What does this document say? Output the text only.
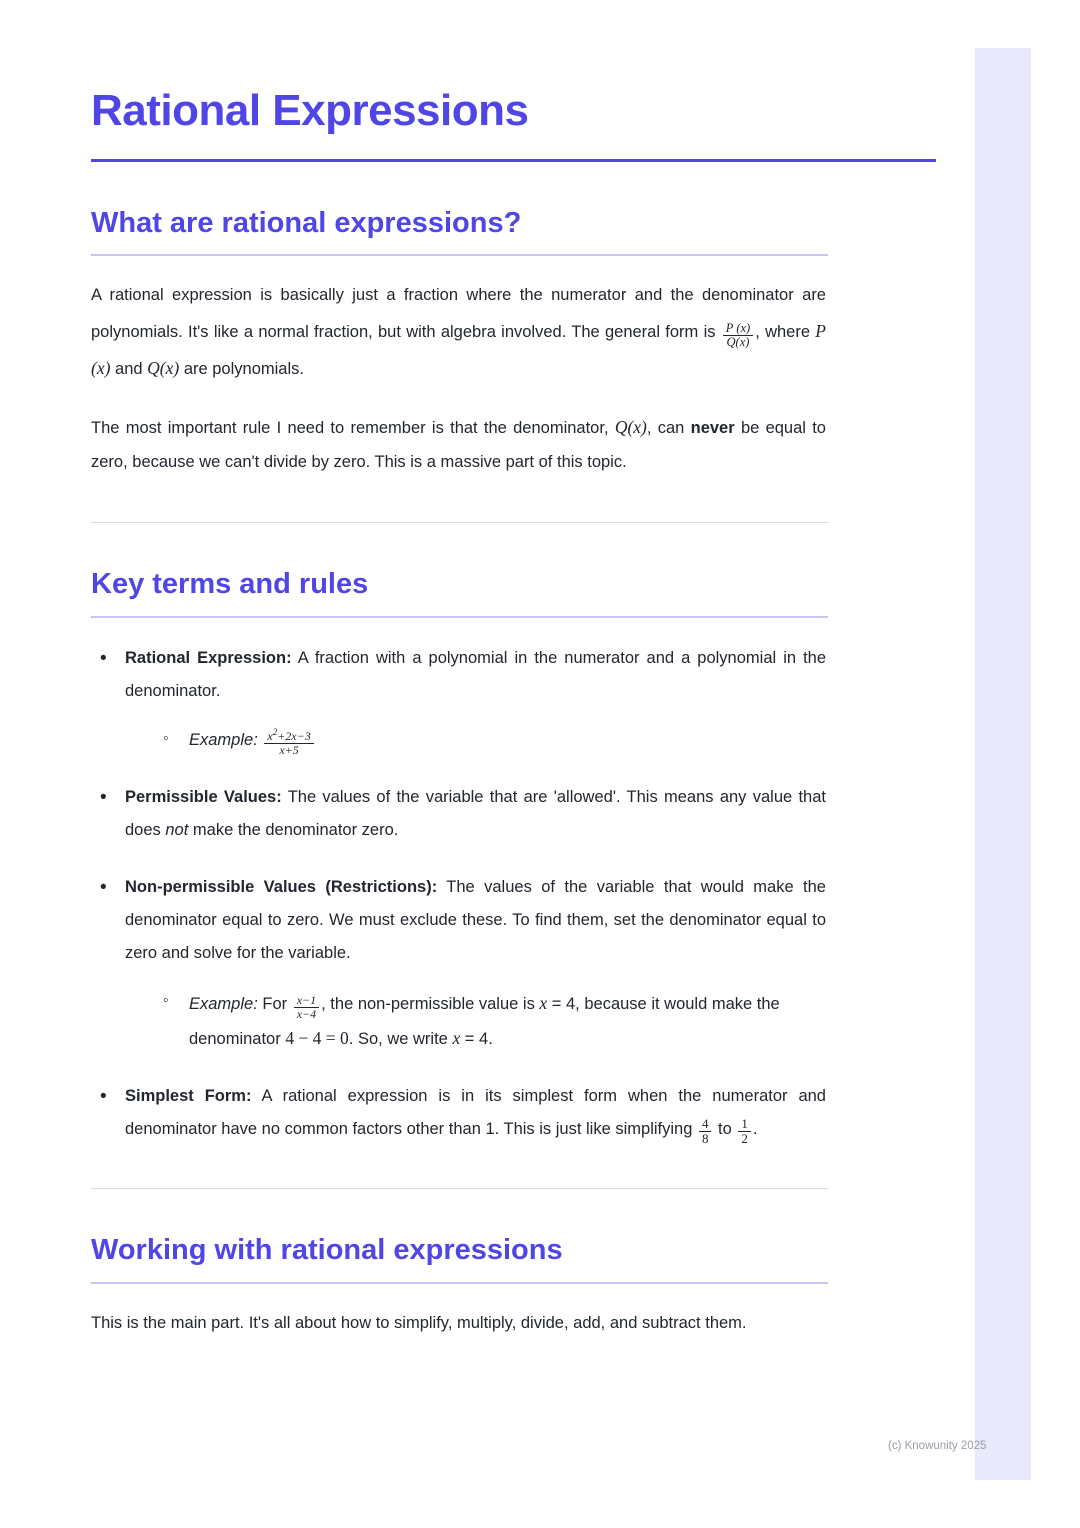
Rational Expressions
What are rational expressions?

A rational expression is basically just a fraction where the numerator and the denominator are polynomials. It's like a normal fraction, but with algebra involved. The general form is $\frac{P (x)}{Q(x)}$ , where P (x) and Q(x) are polynomials.

The most important rule I need to remember is that the denominator, Q(x), can never be equal to zero, because we can't divide by zero. This is a massive part of this topic.

Key terms and rules
• Rational Expression: A fraction with a polynomial in the numerator and a polynomial in the denominator.
◦ Example: $\frac{x^2+2x-3}{x+5}$
• Permissible Values: The values of the variable that are 'allowed'. This means any value that does not make the denominator zero.
• Non-permissible Values (Restrictions): The values of the variable that would make the denominator equal to zero. We must exclude these. To find them, set the denominator equal to zero and solve for the variable.
◦ Example: For $\frac{x-1}{x-4}$ , the non-permissible value is x = 4, because it would make the denominator 4 − 4 = 0. So, we write x = 4.
• Simplest Form: A rational expression is in its simplest form when the numerator and denominator have no common factors other than 1. This is just like simplifying $\frac{4}{8}$ to $\frac{1}{2}$ .
Working with rational expressions

This is the main part. It's all about how to simplify, multiply, divide, add, and subtract them.

(c) Knowunity 2025
